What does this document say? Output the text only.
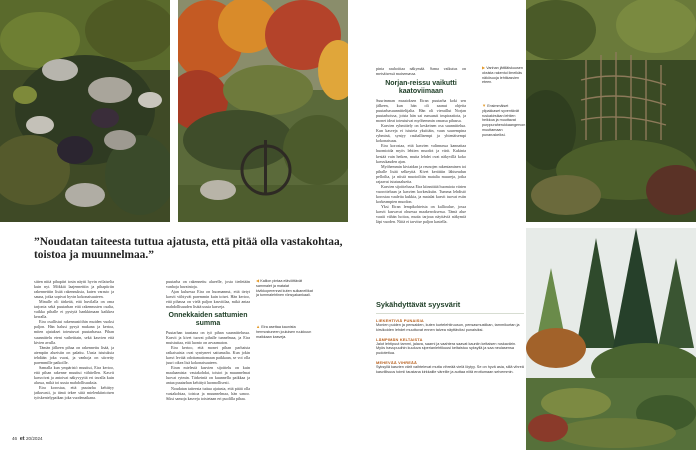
”Noudatan taiteesta tuttua ajatusta, että pitää olla vastakohtaa, toistoa ja muunnelmaa.”

sitten niitä pihapiiri tosin näytti hyvin erilaiselta kuin nyt. Mökkiä laajennettiin ja pihapiiriin rakennettiin lisää rakennuksia, kuten varasto ja sauna, jotka sopivat hyvin kokonaisuuteen.

Minulle oli tärkeää, että huvilalla on oma tarjonta sekä puutarhan että rakennusten osalta, vaikka pihalle ei pystytä hankkimaan kaikkea kerralla.

Eira osallistui rakennustöihin muiden vuoksi paljon. Hän halusi pysyä mukana ja kertoa, miten ajatukset toteutuvat puutarhassa. Pihan suunnittelu eteni vaiheittain, sekä kasvien että kivien avulla.

Tämän jälkeen pihaa on rakennettu lisää, ja aiempiin alueisiin on palattu. Uusia istutuksia tehdään joka vuosi, ja vanhoja on siirretty paremmille paikoille.

Samalla kun ympäristö muuttui, Eira kertoo, että pihan rakenne muuttui vähitellen. Kasvit kasvoivat ja antoivat näkyvyyttä eri tavalla kuin alussa, mikä toi uusia mahdollisuuksia.

Eira korostaa, että puutarha kehittyy jatkuvasti, ja tämä tekee siitä mielenkiintoisen työskentelypaikan joka vuodenaikana.

puutarha on rakennettu alueelle, josta tiedetään vanhoja havaintoja.

Ajan kuluessa Eira on huomannut, että tietyt kasvit viihtyvät paremmin kuin toiset. Hän kertoo, että pihassa on vielä paljon kasvitilaa, mikä antaa mahdollisuuden lisätä uusia kasveja.

Onnekkaiden sattumien summa

Puutarhan taustana on työ pihan suunnittelussa. Kasvit ja kivet tuovat pihalle tunnelmaa, ja Eira muistuttaa, että luonto on arvaamaton.

Eira kertoo, että monet pihan parhaista ratkaisuista ovat syntyneet sattumalta. Kun jokin kasvi leviää odottamattomaan paikkaan, se voi olla juuri oikea lisä kokonaisuuteen.

Eiran mielestä kasvien sijoittelu on kuin maalaamista: vastakohdat, toistot ja muunnelmat luovat rytmin. Tärkeintä on kuunnella paikkaa ja antaa puutarhan kehittyä luonnollisesti.

Noudatan taiteesta tuttua ajatusta, että pitää olla vastakohtaa, toistoa ja muunnelmaa, hän sanoo. Siksi samoja kasveja toistetaan eri puolilla pihaa.

◀ Kallion pintaa elävöittävät sammalet ja matalat kivikkoperennat kuten sulkaneilikat ja tummalehtinen rönsyakankaali.
▲ Eira asettaa kaunista hermostuneen jouluisen ruukkuun maikkaan kasveja.

pinta rauhoittaa näkymää. Sama vaikutus on metsäisessä maisemassa.

Norjan-reissu vaikutti kaatoviimaan

Suurimman muutoksen Eiran puutarha koki sen jälkeen, kun hän oli saanut ohjeita puutarhasuunnittelijalta. Hän oli vieraillut Norjan puutarhoissa, joista hän sai runsaasti inspiraatiota, ja monet ideat toteutuivat myöhemmin omassa pihassa.

Kasvien ryhmittely on keskeinen osa suunnittelua. Kun kasveja ei istuteta yksittäin, vaan suurempina ryhminä, syntyy rauhallisempi ja yhtenäisempi kokonaisuus.

Eira korostaa, että kasvien valinnassa kannattaa huomioida myös lehtien muodot ja värit. Kukinta kestää vain hetken, mutta lehdet ovat näkyvillä koko kasvukauden ajan.

Myöhemmin kiviaidan ja reunojen rakentaminen toi pihalle lisää selkeyttä. Kivet kerättiin lähiseudun pelloilta, ja niistä muotoiltiin matalia muureja, jotka rajaavat istutusalueita.

Kasvien sijoittelussa Eira kiinnittää huomiota värien vuorotteluun ja kasvien korkeuksiin. Tumma lehdistö korostaa vaaleita kukkia, ja matalat kasvit tuovat esiin korkeampien muodon.

Yksi Eiran lempikohteista on kallioalue, jossa kasvit kasvavat ohuessa maakerroksessa. Tämä alue vaatii vähän hoitoa, mutta tarjoaa näyttäviä näkymiä läpi vuoden. Niitä ei tarvitse paljon kastella.

▶ Vanhan jättiläiskuusen oksista rakentui ilmeikäs näkösuoja lehtikasvien eteen.
▼ Ensimmäiset ylipakkaset syventävät ruskakirsikan lehtien heikkoa ja muuttavat purppuraherukkaangervon muuttamaan punaruskeiksi.
Sykähdyttävät syysvärit
LIEKEHTIVIÄ PUNAISIA
Monien puiden ja pensaiden, kuten kurtelehtiruusun, pensasmustikan, tammikurtan ja kirsikoiden lehdet muuttuvat ennen talvea näyttäviksi punaisiksi.
LÄMPIMÄN KELTAISTA
Jalot lehtipuut tammi, jalava, saarni ja vaahtera saavat kauniin keltaisen ruskavärin. Myös havupuuihin kuuluva siperianlehtikuusi keltaistuu syksyllä ja saa neulasensa pudotettua.
MEHEVÄÄ VIHREÄÄ
Syksyllä kasvien värit vaihtelevat mutta vihreää vielä löytyy. Se on hyvä asia, sillä vihreä kasvillisuus toimii taustana kirkkaille väreille ja auttaa niitä erottumaan selvemmin.
46 et 20/2024
